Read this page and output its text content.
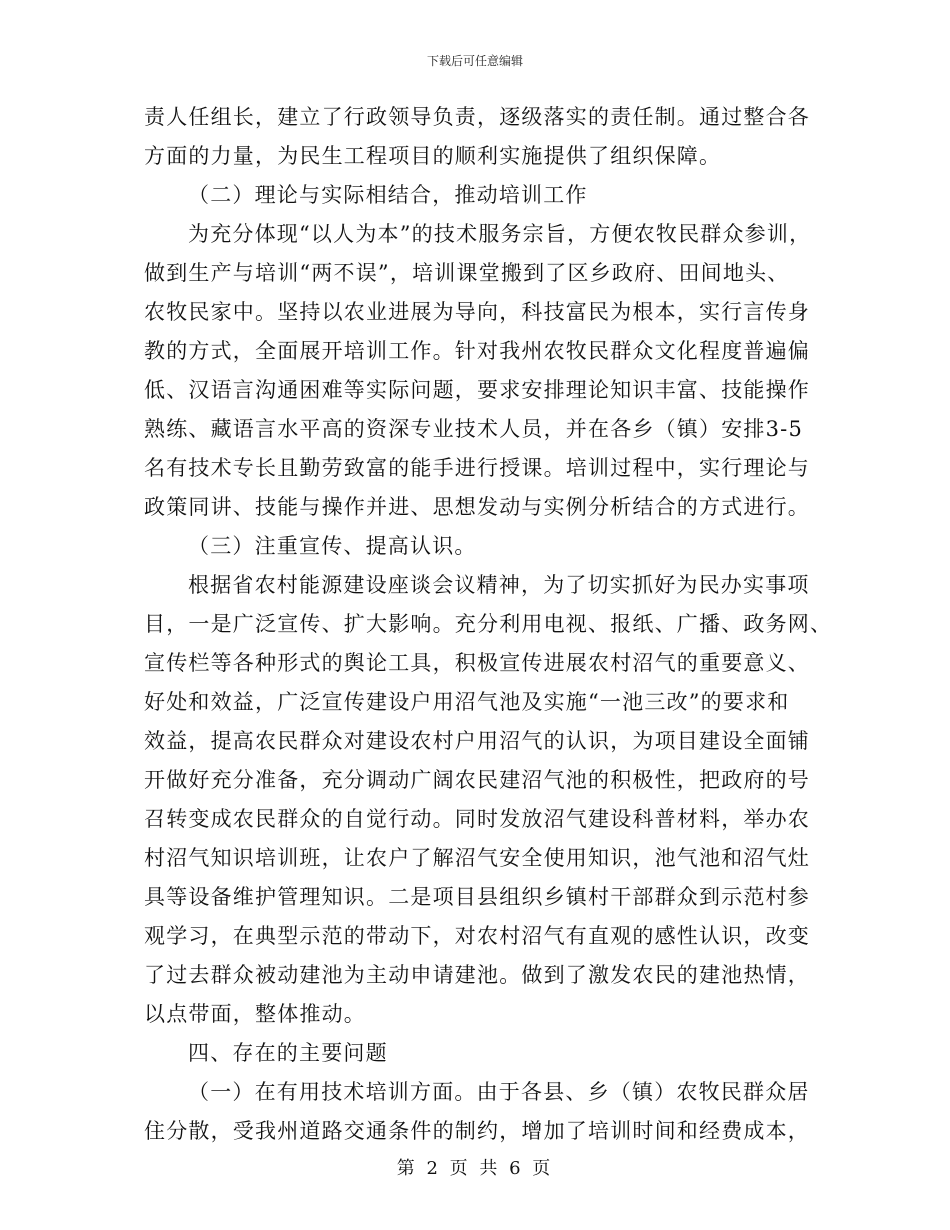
下载后可任意编辑
责人任组长，建立了行政领导负责，逐级落实的责任制。通过整合各
方面的力量，为民生工程项目的顺利实施提供了组织保障。
（二）理论与实际相结合，推动培训工作
为充分体现“以人为本”的技术服务宗旨，方便农牧民群众参训，
做到生产与培训“两不误”，培训课堂搬到了区乡政府、田间地头、
农牧民家中。坚持以农业进展为导向，科技富民为根本，实行言传身
教的方式，全面展开培训工作。针对我州农牧民群众文化程度普遍偏
低、汉语言沟通困难等实际问题，要求安排理论知识丰富、技能操作
熟练、藏语言水平高的资深专业技术人员，并在各乡（镇）安排3-5
名有技术专长且勤劳致富的能手进行授课。培训过程中，实行理论与
政策同讲、技能与操作并进、思想发动与实例分析结合的方式进行。
（三）注重宣传、提高认识。
根据省农村能源建设座谈会议精神，为了切实抓好为民办实事项
目，一是广泛宣传、扩大影响。充分利用电视、报纸、广播、政务网、
宣传栏等各种形式的舆论工具，积极宣传进展农村沼气的重要意义、
好处和效益，广泛宣传建设户用沼气池及实施“一池三改”的要求和
效益，提高农民群众对建设农村户用沼气的认识，为项目建设全面铺
开做好充分准备，充分调动广阔农民建沼气池的积极性，把政府的号
召转变成农民群众的自觉行动。同时发放沼气建设科普材料，举办农
村沼气知识培训班，让农户了解沼气安全使用知识，池气池和沼气灶
具等设备维护管理知识。二是项目县组织乡镇村干部群众到示范村参
观学习，在典型示范的带动下，对农村沼气有直观的感性认识，改变
了过去群众被动建池为主动申请建池。做到了激发农民的建池热情，
以点带面，整体推动。
四、存在的主要问题
（一）在有用技术培训方面。由于各县、乡（镇）农牧民群众居
住分散，受我州道路交通条件的制约，增加了培训时间和经费成本，
第 2 页 共 6 页
